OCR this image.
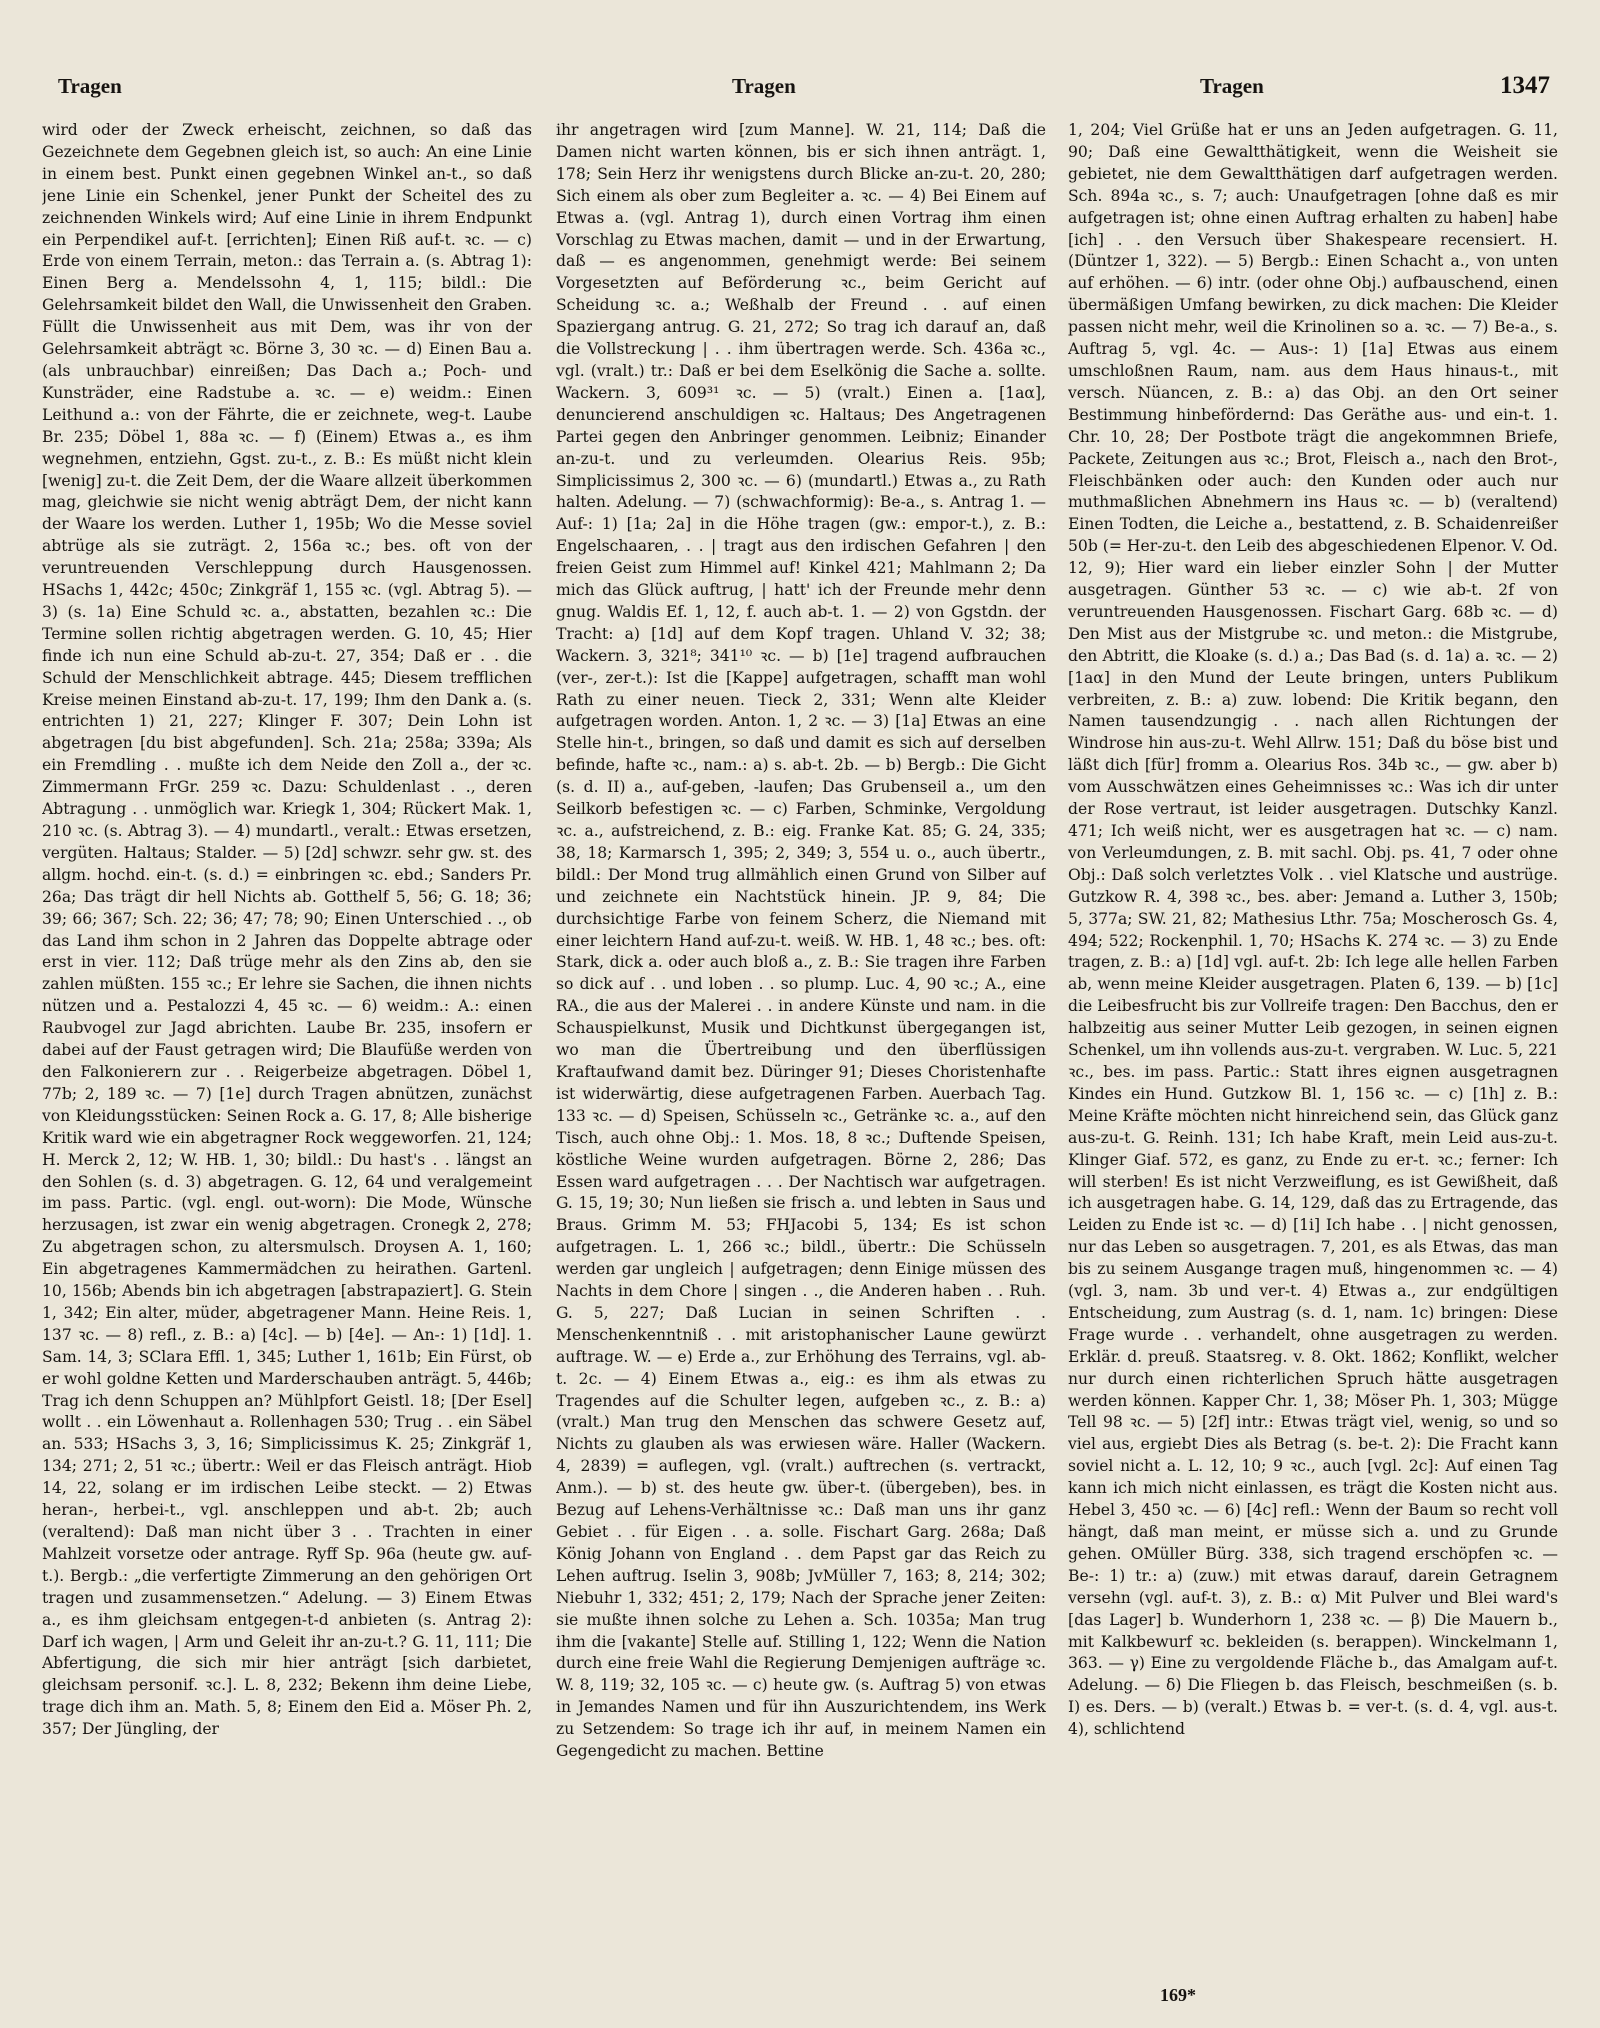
Tragen	Tragen	Tragen	1347

wird oder der Zweck erheischt, zeichnen, so daß das Gezeichnete dem Gegebnen gleich ist, so auch: An eine Linie in einem best. Punkt einen gegebnen Winkel an-t., so daß jene Linie ein Schenkel, jener Punkt der Scheitel des zu zeichnenden Winkels wird; Auf eine Linie in ihrem Endpunkt ein Perpendikel auf-t. [errichten]; Einen Riß auf-t. ꝛc. — c) Erde von einem Terrain, meton.: das Terrain a. (s. Abtrag 1): Einen Berg a. Mendelssohn 4, 1, 115; bildl.: Die Gelehrsamkeit bildet den Wall, die Unwissenheit den Graben. Füllt die Unwissenheit aus mit Dem, was ihr von der Gelehrsamkeit abträgt ꝛc. Börne 3, 30 ꝛc. — d) Einen Bau a. (als unbrauchbar) einreißen; Das Dach a.; Poch- und Kunsträder, eine Radstube a. ꝛc. — e) weidm.: Einen Leithund a.: von der Fährte, die er zeichnete, weg-t. Laube Br. 235; Döbel 1, 88a ꝛc. — f) (Einem) Etwas a., es ihm wegnehmen, entziehn, Ggst. zu-t., z. B.: Es müßt nicht klein [wenig] zu-t. die Zeit Dem, der die Waare allzeit überkommen mag, gleichwie sie nicht wenig abträgt Dem, der nicht kann der Waare los werden. Luther 1, 195b; Wo die Messe soviel abtrüge als sie zuträgt. 2, 156a ꝛc.; bes. oft von der veruntreuenden Verschleppung durch Hausgenossen. HSachs 1, 442c; 450c; Zinkgräf 1, 155 ꝛc. (vgl. Abtrag 5). — 3) (s. 1a) Eine Schuld ꝛc. a., abstatten, bezahlen ꝛc.: Die Termine sollen richtig abgetragen werden. G. 10, 45; Hier finde ich nun eine Schuld ab-zu-t. 27, 354; Daß er . . die Schuld der Menschlichkeit abtrage. 445; Diesem trefflichen Kreise meinen Einstand ab-zu-t. 17, 199; Ihm den Dank a. (s. entrichten 1) 21, 227; Klinger F. 307; Dein Lohn ist abgetragen [du bist abgefunden]. Sch. 21a; 258a; 339a; Als ein Fremdling . . mußte ich dem Neide den Zoll a., der ꝛc. Zimmermann FrGr. 259 ꝛc. Dazu: Schuldenlast . ., deren Abtragung . . unmöglich war. Kriegk 1, 304; Rückert Mak. 1, 210 ꝛc. (s. Abtrag 3). — 4) mundartl., veralt.: Etwas ersetzen, vergüten. Haltaus; Stalder. — 5) [2d] schwzr. sehr gw. st. des allgm. hochd. ein-t. (s. d.) = einbringen ꝛc. ebd.; Sanders Pr. 26a; Das trägt dir hell Nichts ab. Gotthelf 5, 56; G. 18; 36; 39; 66; 367; Sch. 22; 36; 47; 78; 90; Einen Unterschied . ., ob das Land ihm schon in 2 Jahren das Doppelte abtrage oder erst in vier. 112; Daß trüge mehr als den Zins ab, den sie zahlen müßten. 155 ꝛc.; Er lehre sie Sachen, die ihnen nichts nützen und a. Pestalozzi 4, 45 ꝛc. — 6) weidm.: A.: einen Raubvogel zur Jagd abrichten. Laube Br. 235, insofern er dabei auf der Faust getragen wird; Die Blaufüße werden von den Falkonierern zur . . Reigerbeize abgetragen. Döbel 1, 77b; 2, 189 ꝛc. — 7) [1e] durch Tragen abnützen, zunächst von Kleidungsstücken: Seinen Rock a. G. 17, 8; Alle bisherige Kritik ward wie ein abgetragner Rock weggeworfen. 21, 124; H. Merck 2, 12; W. HB. 1, 30; bildl.: Du hast's . . längst an den Sohlen (s. d. 3) abgetragen. G. 12, 64 und veralgemeint im pass. Partic. (vgl. engl. out-worn): Die Mode, Wünsche herzusagen, ist zwar ein wenig abgetragen. Cronegk 2, 278; Zu abgetragen schon, zu altersmulsch. Droysen A. 1, 160; Ein abgetragenes Kammermädchen zu heirathen. Gartenl. 10, 156b; Abends bin ich abgetragen [abstrapaziert]. G. Stein 1, 342; Ein alter, müder, abgetragener Mann. Heine Reis. 1, 137 ꝛc. — 8) refl., z. B.: a) [4c]. — b) [4e]. — An-: 1) [1d]. 1. Sam. 14, 3; SClara Effl. 1, 345; Luther 1, 161b; Ein Fürst, ob er wohl goldne Ketten und Marderschauben anträgt. 5, 446b; Trag ich denn Schuppen an? Mühlpfort Geistl. 18; [Der Esel] wollt . . ein Löwenhaut a. Rollenhagen 530; Trug . . ein Säbel an. 533; HSachs 3, 3, 16; Simplicissimus K. 25; Zinkgräf 1, 134; 271; 2, 51 ꝛc.; übertr.: Weil er das Fleisch anträgt. Hiob 14, 22, solang er im irdischen Leibe steckt. — 2) Etwas heran-, herbei-t., vgl. anschleppen und ab-t. 2b; auch (veraltend): Daß man nicht über 3 . . Trachten in einer Mahlzeit vorsetze oder antrage. Ryff Sp. 96a (heute gw. auf-t.). Bergb.: „die verfertigte Zimmerung an den gehörigen Ort tragen und zusammensetzen.“ Adelung. — 3) Einem Etwas a., es ihm gleichsam entgegen-t-d anbieten (s. Antrag 2): Darf ich wagen, | Arm und Geleit ihr an-zu-t.? G. 11, 111; Die Abfertigung, die sich mir hier anträgt [sich darbietet, gleichsam personif. ꝛc.]. L. 8, 232; Bekenn ihm deine Liebe, trage dich ihm an. Math. 5, 8; Einem den Eid a. Möser Ph. 2, 357; Der Jüngling, der

ihr angetragen wird [zum Manne]. W. 21, 114; Daß die Damen nicht warten können, bis er sich ihnen anträgt. 1, 178; Sein Herz ihr wenigstens durch Blicke an-zu-t. 20, 280; Sich einem als ober zum Begleiter a. ꝛc. — 4) Bei Einem auf Etwas a. (vgl. Antrag 1), durch einen Vortrag ihm einen Vorschlag zu Etwas machen, damit — und in der Erwartung, daß — es angenommen, genehmigt werde: Bei seinem Vorgesetzten auf Beförderung ꝛc., beim Gericht auf Scheidung ꝛc. a.; Weßhalb der Freund . . auf einen Spaziergang antrug. G. 21, 272; So trag ich darauf an, daß die Vollstreckung | . . ihm übertragen werde. Sch. 436a ꝛc., vgl. (vralt.) tr.: Daß er bei dem Eselkönig die Sache a. sollte. Wackern. 3, 609³¹ ꝛc. — 5) (vralt.) Einen a. [1aα], denuncierend anschuldigen ꝛc. Haltaus; Des Angetragenen Partei gegen den Anbringer genommen. Leibniz; Einander an-zu-t. und zu verleumden. Olearius Reis. 95b; Simplicissimus 2, 300 ꝛc. — 6) (mundartl.) Etwas a., zu Rath halten. Adelung. — 7) (schwachformig): Be-a., s. Antrag 1. — Auf-: 1) [1a; 2a] in die Höhe tragen (gw.: empor-t.), z. B.: Engelschaaren, . . | tragt aus den irdischen Gefahren | den freien Geist zum Himmel auf! Kinkel 421; Mahlmann 2; Da mich das Glück auftrug, | hatt' ich der Freunde mehr denn gnug. Waldis Ef. 1, 12, f. auch ab-t. 1. — 2) von Ggstdn. der Tracht: a) [1d] auf dem Kopf tragen. Uhland V. 32; 38; Wackern. 3, 321⁸; 341¹⁰ ꝛc. — b) [1e] tragend aufbrauchen (ver-, zer-t.): Ist die [Kappe] aufgetragen, schafft man wohl Rath zu einer neuen. Tieck 2, 331; Wenn alte Kleider aufgetragen worden. Anton. 1, 2 ꝛc. — 3) [1a] Etwas an eine Stelle hin-t., bringen, so daß und damit es sich auf derselben befinde, hafte ꝛc., nam.: a) s. ab-t. 2b. — b) Bergb.: Die Gicht (s. d. II) a., auf-geben, -laufen; Das Grubenseil a., um den Seilkorb befestigen ꝛc. — c) Farben, Schminke, Vergoldung ꝛc. a., aufstreichend, z. B.: eig. Franke Kat. 85; G. 24, 335; 38, 18; Karmarsch 1, 395; 2, 349; 3, 554 u. o., auch übertr., bildl.: Der Mond trug allmählich einen Grund von Silber auf und zeichnete ein Nachtstück hinein. JP. 9, 84; Die durchsichtige Farbe von feinem Scherz, die Niemand mit einer leichtern Hand auf-zu-t. weiß. W. HB. 1, 48 ꝛc.; bes. oft: Stark, dick a. oder auch bloß a., z. B.: Sie tragen ihre Farben so dick auf . . und loben . . so plump. Luc. 4, 90 ꝛc.; A., eine RA., die aus der Malerei . . in andere Künste und nam. in die Schauspielkunst, Musik und Dichtkunst übergegangen ist, wo man die Übertreibung und den überflüssigen Kraftaufwand damit bez. Düringer 91; Dieses Choristenhafte ist widerwärtig, diese aufgetragenen Farben. Auerbach Tag. 133 ꝛc. — d) Speisen, Schüsseln ꝛc., Getränke ꝛc. a., auf den Tisch, auch ohne Obj.: 1. Mos. 18, 8 ꝛc.; Duftende Speisen, köstliche Weine wurden aufgetragen. Börne 2, 286; Das Essen ward aufgetragen . . . Der Nachtisch war aufgetragen. G. 15, 19; 30; Nun ließen sie frisch a. und lebten in Saus und Braus. Grimm M. 53; FHJacobi 5, 134; Es ist schon aufgetragen. L. 1, 266 ꝛc.; bildl., übertr.: Die Schüsseln werden gar ungleich | aufgetragen; denn Einige müssen des Nachts in dem Chore | singen . ., die Anderen haben . . Ruh. G. 5, 227; Daß Lucian in seinen Schriften . . Menschenkenntniß . . mit aristophanischer Laune gewürzt auftrage. W. — e) Erde a., zur Erhöhung des Terrains, vgl. ab-t. 2c. — 4) Einem Etwas a., eig.: es ihm als etwas zu Tragendes auf die Schulter legen, aufgeben ꝛc., z. B.: a) (vralt.) Man trug den Menschen das schwere Gesetz auf, Nichts zu glauben als was erwiesen wäre. Haller (Wackern. 4, 2839) = auflegen, vgl. (vralt.) auftrechen (s. vertrackt, Anm.). — b) st. des heute gw. über-t. (übergeben), bes. in Bezug auf Lehens-Verhältnisse ꝛc.: Daß man uns ihr ganz Gebiet . . für Eigen . . a. solle. Fischart Garg. 268a; Daß König Johann von England . . dem Papst gar das Reich zu Lehen auftrug. Iselin 3, 908b; JvMüller 7, 163; 8, 214; 302; Niebuhr 1, 332; 451; 2, 179; Nach der Sprache jener Zeiten: sie mußte ihnen solche zu Lehen a. Sch. 1035a; Man trug ihm die [vakante] Stelle auf. Stilling 1, 122; Wenn die Nation durch eine freie Wahl die Regierung Demjenigen aufträge ꝛc. W. 8, 119; 32, 105 ꝛc. — c) heute gw. (s. Auftrag 5) von etwas in Jemandes Namen und für ihn Auszurichtendem, ins Werk zu Setzendem: So trage ich ihr auf, in meinem Namen ein Gegengedicht zu machen. Bettine

1, 204; Viel Grüße hat er uns an Jeden aufgetragen. G. 11, 90; Daß eine Gewaltthätigkeit, wenn die Weisheit sie gebietet, nie dem Gewaltthätigen darf aufgetragen werden. Sch. 894a ꝛc., s. 7; auch: Unaufgetragen [ohne daß es mir aufgetragen ist; ohne einen Auftrag erhalten zu haben] habe [ich] . . den Versuch über Shakespeare recensiert. H. (Düntzer 1, 322). — 5) Bergb.: Einen Schacht a., von unten auf erhöhen. — 6) intr. (oder ohne Obj.) aufbauschend, einen übermäßigen Umfang bewirken, zu dick machen: Die Kleider passen nicht mehr, weil die Krinolinen so a. ꝛc. — 7) Be-a., s. Auftrag 5, vgl. 4c. — Aus-: 1) [1a] Etwas aus einem umschloßnen Raum, nam. aus dem Haus hinaus-t., mit versch. Nüancen, z. B.: a) das Obj. an den Ort seiner Bestimmung hinbefördernd: Das Geräthe aus- und ein-t. 1. Chr. 10, 28; Der Postbote trägt die angekommnen Briefe, Packete, Zeitungen aus ꝛc.; Brot, Fleisch a., nach den Brot-, Fleischbänken oder auch: den Kunden oder auch nur muthmaßlichen Abnehmern ins Haus ꝛc. — b) (veraltend) Einen Todten, die Leiche a., bestattend, z. B. Schaidenreißer 50b (= Her-zu-t. den Leib des abgeschiedenen Elpenor. V. Od. 12, 9); Hier ward ein lieber einzler Sohn | der Mutter ausgetragen. Günther 53 ꝛc. — c) wie ab-t. 2f von veruntreuenden Hausgenossen. Fischart Garg. 68b ꝛc. — d) Den Mist aus der Mistgrube ꝛc. und meton.: die Mistgrube, den Abtritt, die Kloake (s. d.) a.; Das Bad (s. d. 1a) a. ꝛc. — 2) [1aα] in den Mund der Leute bringen, unters Publikum verbreiten, z. B.: a) zuw. lobend: Die Kritik begann, den Namen tausendzungig . . nach allen Richtungen der Windrose hin aus-zu-t. Wehl Allrw. 151; Daß du böse bist und läßt dich [für] fromm a. Olearius Ros. 34b ꝛc., — gw. aber b) vom Ausschwätzen eines Geheimnisses ꝛc.: Was ich dir unter der Rose vertraut, ist leider ausgetragen. Dutschky Kanzl. 471; Ich weiß nicht, wer es ausgetragen hat ꝛc. — c) nam. von Verleumdungen, z. B. mit sachl. Obj. ps. 41, 7 oder ohne Obj.: Daß solch verletztes Volk . . viel Klatsche und austrüge. Gutzkow R. 4, 398 ꝛc., bes. aber: Jemand a. Luther 3, 150b; 5, 377a; SW. 21, 82; Mathesius Lthr. 75a; Moscherosch Gs. 4, 494; 522; Rockenphil. 1, 70; HSachs K. 274 ꝛc. — 3) zu Ende tragen, z. B.: a) [1d] vgl. auf-t. 2b: Ich lege alle hellen Farben ab, wenn meine Kleider ausgetragen. Platen 6, 139. — b) [1c] die Leibesfrucht bis zur Vollreife tragen: Den Bacchus, den er halbzeitig aus seiner Mutter Leib gezogen, in seinen eignen Schenkel, um ihn vollends aus-zu-t. vergraben. W. Luc. 5, 221 ꝛc., bes. im pass. Partic.: Statt ihres eignen ausgetragnen Kindes ein Hund. Gutzkow Bl. 1, 156 ꝛc. — c) [1h] z. B.: Meine Kräfte möchten nicht hinreichend sein, das Glück ganz aus-zu-t. G. Reinh. 131; Ich habe Kraft, mein Leid aus-zu-t. Klinger Giaf. 572, es ganz, zu Ende zu er-t. ꝛc.; ferner: Ich will sterben! Es ist nicht Verzweiflung, es ist Gewißheit, daß ich ausgetragen habe. G. 14, 129, daß das zu Ertragende, das Leiden zu Ende ist ꝛc. — d) [1i] Ich habe . . | nicht genossen, nur das Leben so ausgetragen. 7, 201, es als Etwas, das man bis zu seinem Ausgange tragen muß, hingenommen ꝛc. — 4) (vgl. 3, nam. 3b und ver-t. 4) Etwas a., zur endgültigen Entscheidung, zum Austrag (s. d. 1, nam. 1c) bringen: Diese Frage wurde . . verhandelt, ohne ausgetragen zu werden. Erklär. d. preuß. Staatsreg. v. 8. Okt. 1862; Konflikt, welcher nur durch einen richterlichen Spruch hätte ausgetragen werden können. Kapper Chr. 1, 38; Möser Ph. 1, 303; Mügge Tell 98 ꝛc. — 5) [2f] intr.: Etwas trägt viel, wenig, so und so viel aus, ergiebt Dies als Betrag (s. be-t. 2): Die Fracht kann soviel nicht a. L. 12, 10; 9 ꝛc., auch [vgl. 2c]: Auf einen Tag kann ich mich nicht einlassen, es trägt die Kosten nicht aus. Hebel 3, 450 ꝛc. — 6) [4c] refl.: Wenn der Baum so recht voll hängt, daß man meint, er müsse sich a. und zu Grunde gehen. OMüller Bürg. 338, sich tragend erschöpfen ꝛc. — Be-: 1) tr.: a) (zuw.) mit etwas darauf, darein Getragnem versehn (vgl. auf-t. 3), z. B.: α) Mit Pulver und Blei ward's [das Lager] b. Wunderhorn 1, 238 ꝛc. — β) Die Mauern b., mit Kalkbewurf ꝛc. bekleiden (s. berappen). Winckelmann 1, 363. — γ) Eine zu vergoldende Fläche b., das Amalgam auf-t. Adelung. — δ) Die Fliegen b. das Fleisch, beschmeißen (s. b. I) es. Ders. — b) (veralt.) Etwas b. = ver-t. (s. d. 4, vgl. aus-t. 4), schlichtend

169*
